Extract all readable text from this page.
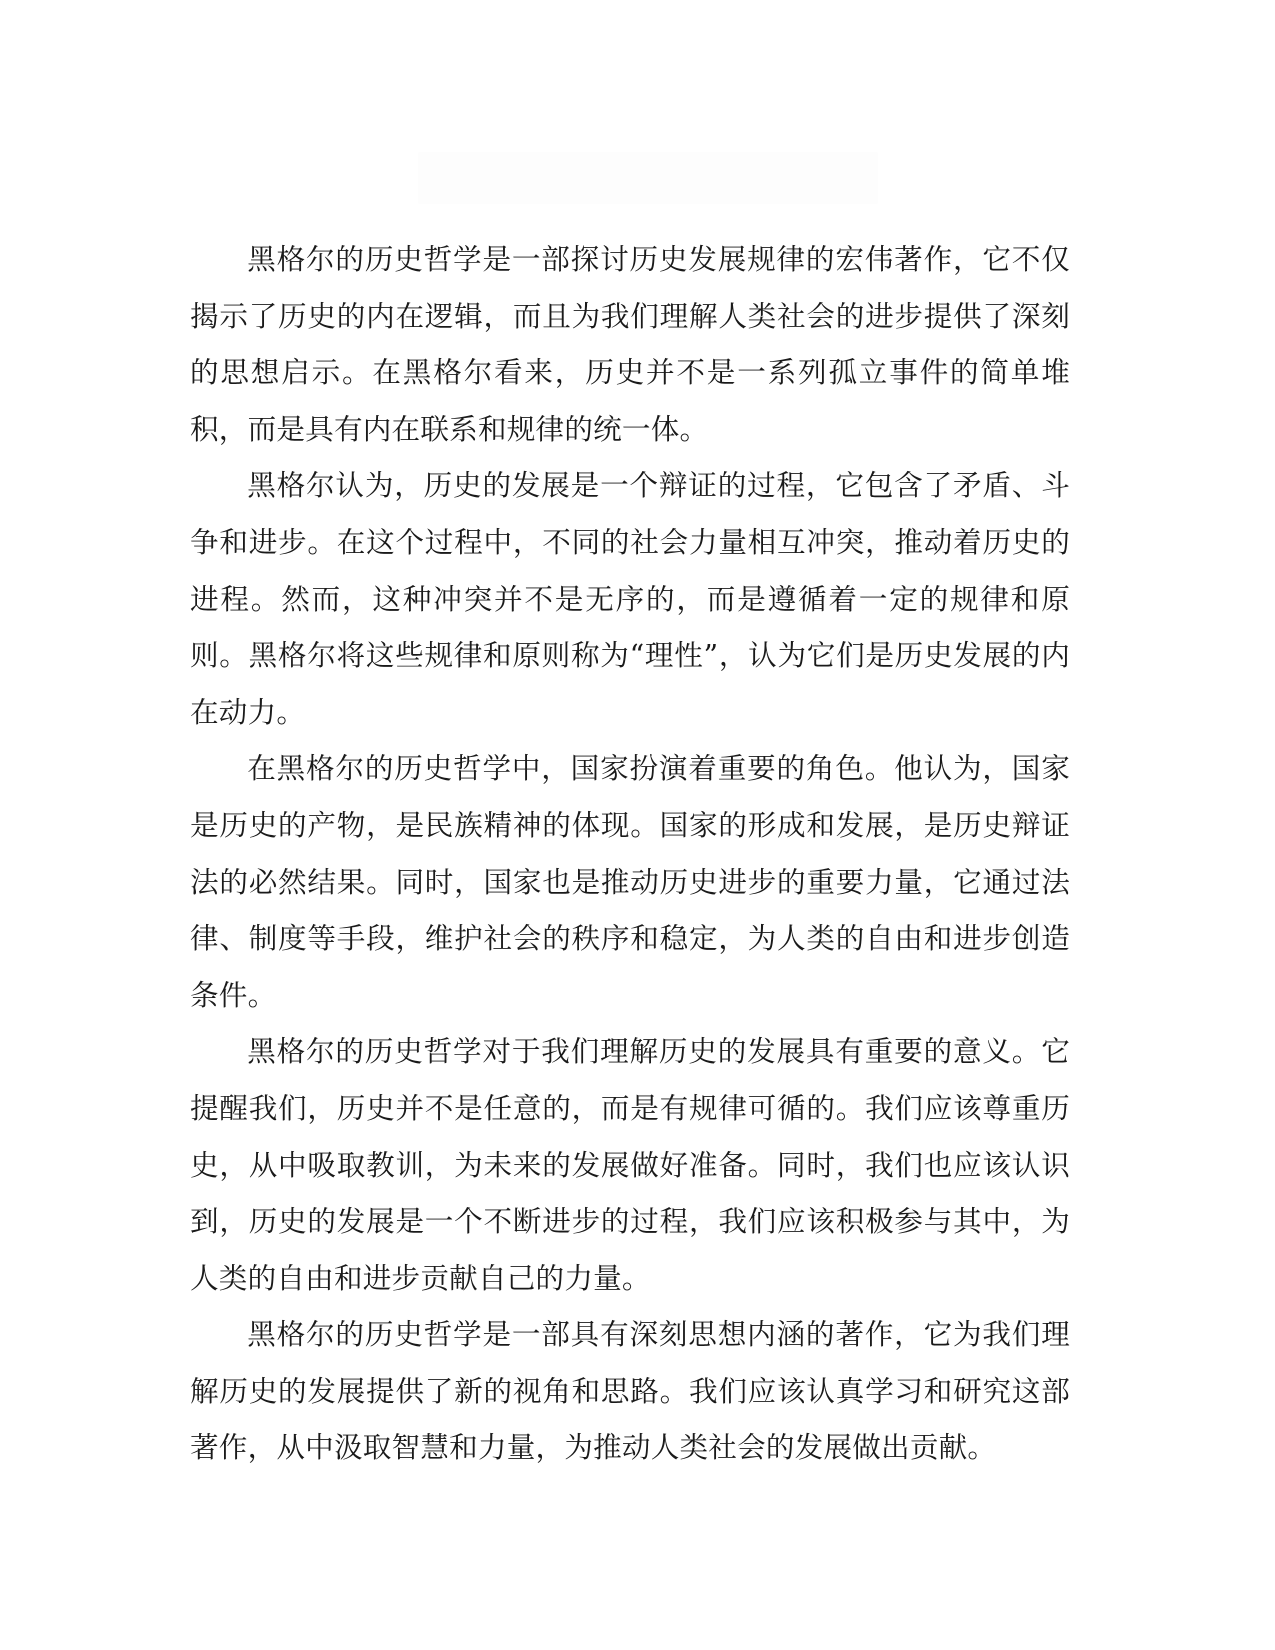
黑格尔的历史哲学是一部探讨历史发展规律的宏伟著作，它不仅揭示了历史的内在逻辑，而且为我们理解人类社会的进步提供了深刻的思想启示。在黑格尔看来，历史并不是一系列孤立事件的简单堆积，而是具有内在联系和规律的统一体。

黑格尔认为，历史的发展是一个辩证的过程，它包含了矛盾、斗争和进步。在这个过程中，不同的社会力量相互冲突，推动着历史的进程。然而，这种冲突并不是无序的，而是遵循着一定的规律和原则。黑格尔将这些规律和原则称为“理性”，认为它们是历史发展的内在动力。

在黑格尔的历史哲学中，国家扮演着重要的角色。他认为，国家是历史的产物，是民族精神的体现。国家的形成和发展，是历史辩证法的必然结果。同时，国家也是推动历史进步的重要力量，它通过法律、制度等手段，维护社会的秩序和稳定，为人类的自由和进步创造条件。

黑格尔的历史哲学对于我们理解历史的发展具有重要的意义。它提醒我们，历史并不是任意的，而是有规律可循的。我们应该尊重历史，从中吸取教训，为未来的发展做好准备。同时，我们也应该认识到，历史的发展是一个不断进步的过程，我们应该积极参与其中，为人类的自由和进步贡献自己的力量。

黑格尔的历史哲学是一部具有深刻思想内涵的著作，它为我们理解历史的发展提供了新的视角和思路。我们应该认真学习和研究这部著作，从中汲取智慧和力量，为推动人类社会的发展做出贡献。
